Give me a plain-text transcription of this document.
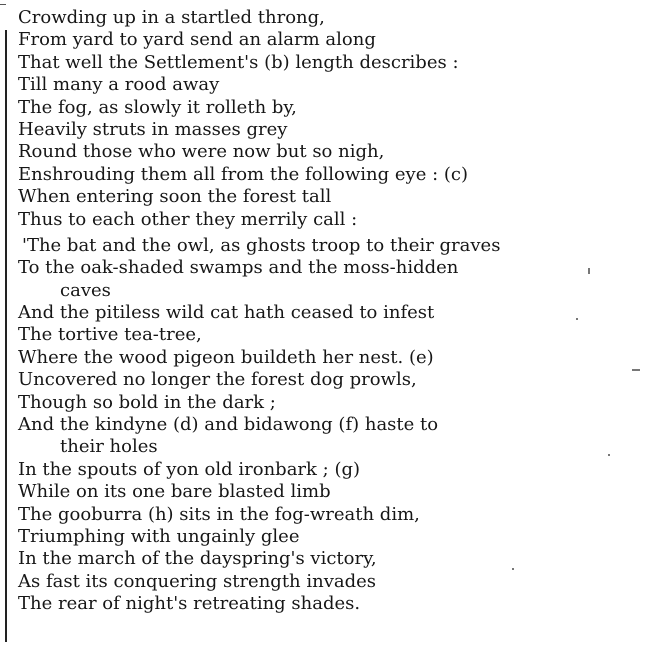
Crowding up in a startled throng,
From yard to yard send an alarm along
That well the Settlement's (b) length describes :
Till many a rood away
The fog, as slowly it rolleth by,
Heavily struts in masses grey
Round those who were now but so nigh,
Enshrouding them all from the following eye : (c)
When entering soon the forest tall
Thus to each other they merrily call :
'The bat and the owl, as ghosts troop to their graves
To the oak-shaded swamps and the moss-hidden
caves
And the pitiless wild cat hath ceased to infest
The tortive tea-tree,
Where the wood pigeon buildeth her nest. (e)
Uncovered no longer the forest dog prowls,
Though so bold in the dark ;
And the kindyne (d) and bidawong (f) haste to
their holes
In the spouts of yon old ironbark ; (g)
While on its one bare blasted limb
The gooburra (h) sits in the fog-wreath dim,
Triumphing with ungainly glee
In the march of the dayspring's victory,
As fast its conquering strength invades
The rear of night's retreating shades.
